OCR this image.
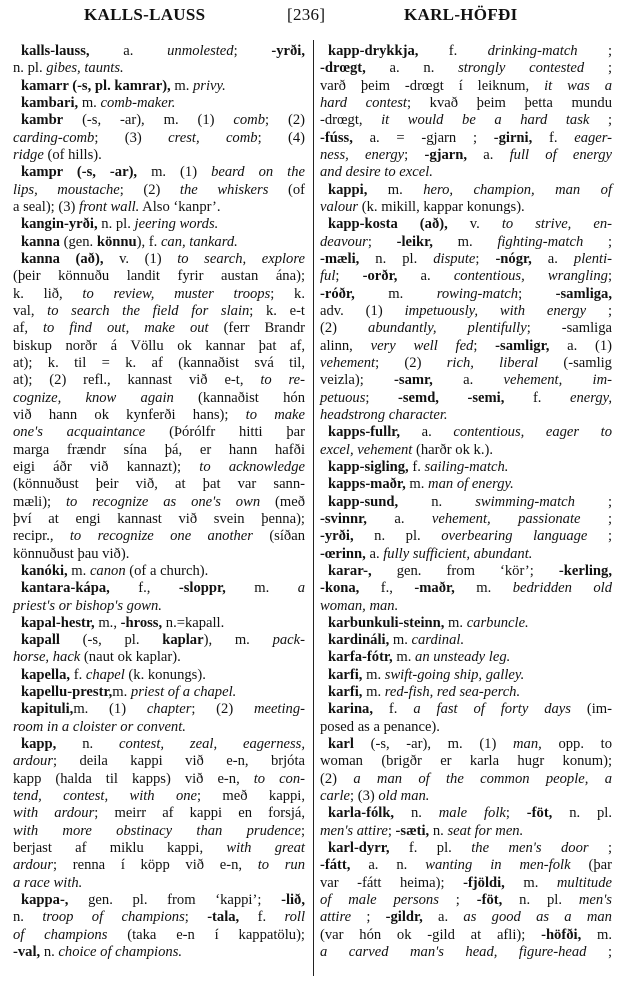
KALLS-LAUSS	[236]	KARL-HÖFÐI
kalls-lauss, a. unmolested; -yrði,
n. pl. gibes, taunts.
kamarr (-s, pl. kamrar), m. privy.
kambari, m. comb-maker.
kambr (-s, -ar), m. (1) comb; (2)
carding-comb; (3) crest, comb; (4)
ridge (of hills).
kampr (-s, -ar), m. (1) beard on the
lips, moustache; (2) the whiskers (of
a seal); (3) front wall. Also ‘kanpr’.
kangin-yrði, n. pl. jeering words.
kanna (gen. könnu), f. can, tankard.
kanna (að), v. (1) to search, explore
(þeir könnuðu landit fyrir austan ána);
k. lið, to review, muster troops; k.
val, to search the field for slain; k. e-t
af, to find out, make out (ferr Brandr
biskup norðr á Völlu ok kannar þat af,
at); k. til = k. af (kannaðist svá til,
at); (2) refl., kannast við e-t, to re-
cognize, know again (kannaðist hón
við hann ok kynferði hans); to make
one's acquaintance (Þórólfr hitti þar
marga frændr sína þá, er hann hafði
eigi áðr við kannazt); to acknowledge
(könnuðust þeir við, at þat var sann-
mæli); to recognize as one's own (með
því at engi kannast við svein þenna);
recipr., to recognize one another (síðan
könnuðust þau við).
kanóki, m. canon (of a church).
kantara-kápa, f., -sloppr, m. a
priest's or bishop's gown.
kapal-hestr, m., -hross, n.=kapall.
kapall (-s, pl. kaplar), m. pack-
horse, hack (naut ok kaplar).
kapella, f. chapel (k. konungs).
kapellu-prestr,m. priest of a chapel.
kapituli,m. (1) chapter; (2) meeting-
room in a cloister or convent.
kapp, n. contest, zeal, eagerness,
ardour; deila kappi við e-n, brjóta
kapp (halda til kapps) við e-n, to con-
tend, contest, with one; með kappi,
with ardour; meirr af kappi en forsjá,
with more obstinacy than prudence;
berjast af miklu kappi, with great
ardour; renna í köpp við e-n, to run
a race with.
kappa-, gen. pl. from ‘kappi’; -lið,
n. troop of champions; -tala, f. roll
of champions (taka e-n í kappatölu);
-val, n. choice of champions.
kapp-drykkja, f. drinking-match ;
-drœgt, a. n. strongly contested ;
varð þeim -drœgt í leiknum, it was a
hard contest; kvað þeim þetta mundu
-drœgt, it would be a hard task ;
-fúss, a. = -gjarn ; -girni, f. eager-
ness, energy; -gjarn, a. full of energy
and desire to excel.
kappi, m. hero, champion, man of
valour (k. mikill, kappar konungs).
kapp-kosta (að), v. to strive, en-
deavour; -leikr, m. fighting-match ;
-mæli, n. pl. dispute; -nógr, a. plenti-
ful; -orðr, a. contentious, wrangling;
-róðr, m. rowing-match; -samliga,
adv. (1) impetuously, with energy ;
(2) abundantly, plentifully; -samliga
alinn, very well fed; -samligr, a. (1)
vehement; (2) rich, liberal (-samlig
veizla); -samr, a. vehement, im-
petuous; -semd, -semi, f. energy,
headstrong character.
kapps-fullr, a. contentious, eager to
excel, vehement (harðr ok k.).
kapp-sigling, f. sailing-match.
kapps-maðr, m. man of energy.
kapp-sund, n. swimming-match ;
-svinnr, a. vehement, passionate ;
-yrði, n. pl. overbearing language ;
-œrinn, a. fully sufficient, abundant.
karar-, gen. from ‘kör’; -kerling,
-kona, f., -maðr, m. bedridden old
woman, man.
karbunkuli-steinn, m. carbuncle.
kardináli, m. cardinal.
karfa-fótr, m. an unsteady leg.
karfi, m. swift-going ship, galley.
karfi, m. red-fish, red sea-perch.
karina, f. a fast of forty days (im-
posed as a penance).
karl (-s, -ar), m. (1) man, opp. to
woman (brigðr er karla hugr konum);
(2) a man of the common people, a
carle; (3) old man.
karla-fólk, n. male folk; -föt, n. pl.
men's attire; -sæti, n. seat for men.
karl-dyrr, f. pl. the men's door ;
-fátt, a. n. wanting in men-folk (þar
var -fátt heima); -fjöldi, m. multitude
of male persons ; -föt, n. pl. men's
attire ; -gildr, a. as good as a man
(var hón ok -gild at afli); -höfði, m.
a carved man's head, figure-head ;
